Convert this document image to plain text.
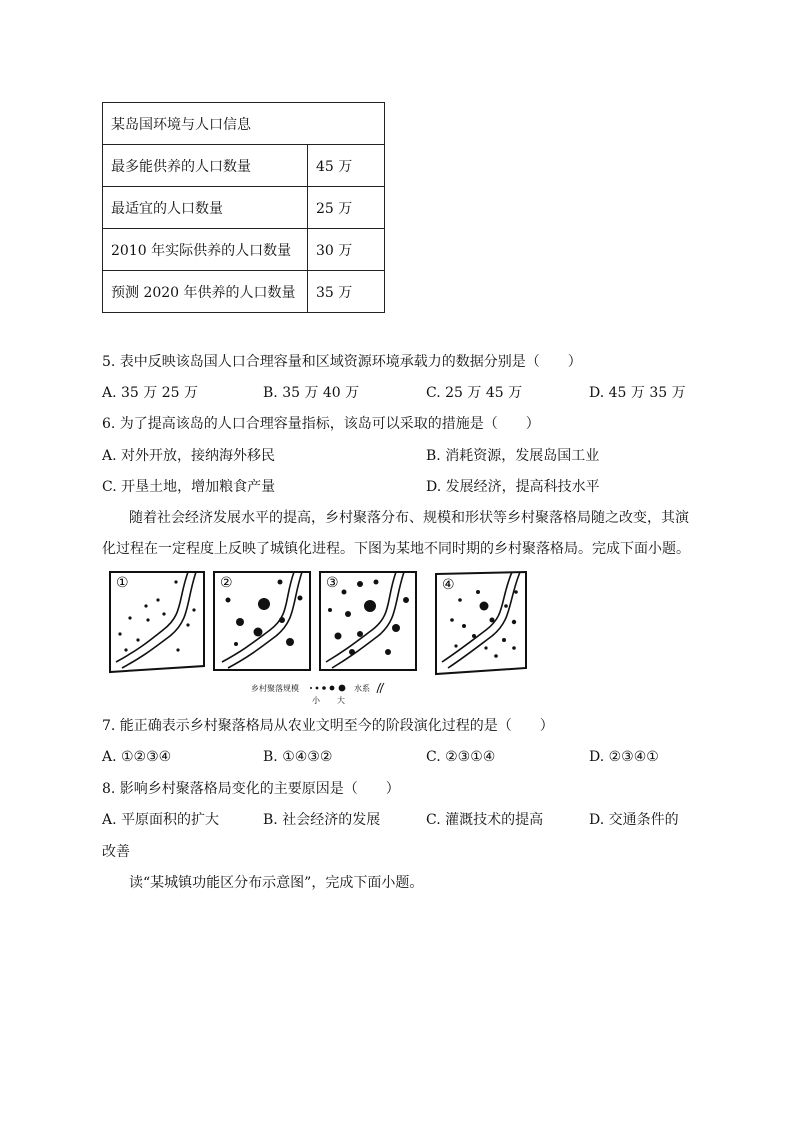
某岛国环境与人口信息	
最多能供养的人口数量	45 万
最适宜的人口数量	25 万
2010 年实际供养的人口数量	30 万
预测 2020 年供养的人口数量	35 万
5. 表中反映该岛国人口合理容量和区域资源环境承载力的数据分别是（　　）
A. 35 万 25 万	B. 35 万 40 万	C. 25 万 45 万	D. 45 万 35 万
6. 为了提高该岛的人口合理容量指标，该岛可以采取的措施是（　　）
A. 对外开放，接纳海外移民	B. 消耗资源，发展岛国工业
C. 开垦土地，增加粮食产量	D. 发展经济，提高科技水平
随着社会经济发展水平的提高，乡村聚落分布、规模和形状等乡村聚落格局随之改变，其演
化过程在一定程度上反映了城镇化进程。下图为某地不同时期的乡村聚落格局。完成下面小题。
①	②	③	④
乡村聚落规模
小 大
水系
7. 能正确表示乡村聚落格局从农业文明至今的阶段演化过程的是（　　）
A. ①②③④	B. ①④③②	C. ②③①④	D. ②③④①
8. 影响乡村聚落格局变化的主要原因是（　　）
A. 平原面积的扩大	B. 社会经济的发展	C. 灌溉技术的提高	D. 交通条件的
改善
读“某城镇功能区分布示意图”，完成下面小题。
